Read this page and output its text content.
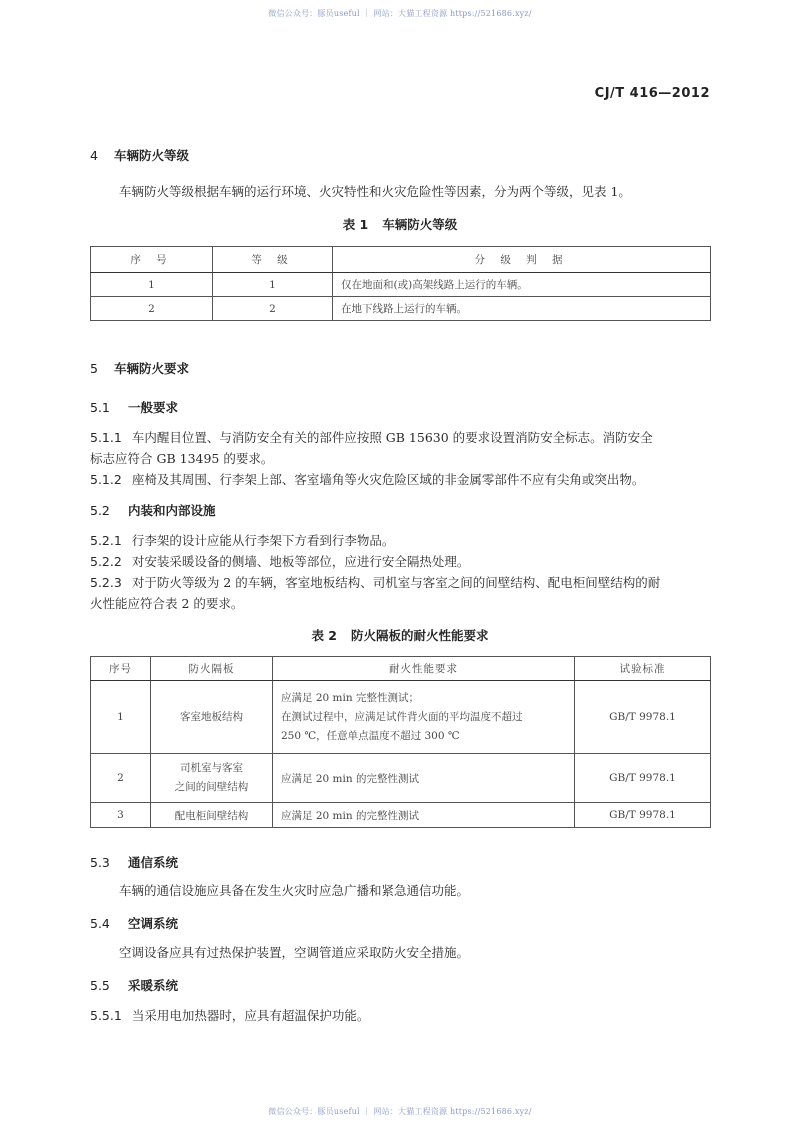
微信公众号：豚员useful ｜ 网站：大猫工程资源 https://521686.xyz/
CJ/T 416—2012
4 车辆防火等级
车辆防火等级根据车辆的运行环境、火灾特性和火灾危险性等因素，分为两个等级，见表 1。
表 1 车辆防火等级
序 号	等 级	分 级 判 据
1	1	仅在地面和(或)高架线路上运行的车辆。
2	2	在地下线路上运行的车辆。
5 车辆防火要求
5.1 一般要求
5.1.1 车内醒目位置、与消防安全有关的部件应按照 GB 15630 的要求设置消防安全标志。消防安全
标志应符合 GB 13495 的要求。
5.1.2 座椅及其周围、行李架上部、客室墙角等火灾危险区域的非金属零部件不应有尖角或突出物。
5.2 内装和内部设施
5.2.1 行李架的设计应能从行李架下方看到行李物品。
5.2.2 对安装采暖设备的侧墙、地板等部位，应进行安全隔热处理。
5.2.3 对于防火等级为 2 的车辆，客室地板结构、司机室与客室之间的间壁结构、配电柜间壁结构的耐
火性能应符合表 2 的要求。
表 2 防火隔板的耐火性能要求
序号	防火隔板	耐火性能要求	试验标准
1	客室地板结构	应满足 20 min 完整性测试；
在测试过程中，应满足试件背火面的平均温度不超过
250 ℃，任意单点温度不超过 300 ℃	GB/T 9978.1
2	司机室与客室
之间的间壁结构	应满足 20 min 的完整性测试	GB/T 9978.1
3	配电柜间壁结构	应满足 20 min 的完整性测试	GB/T 9978.1
5.3 通信系统
车辆的通信设施应具备在发生火灾时应急广播和紧急通信功能。
5.4 空调系统
空调设备应具有过热保护装置，空调管道应采取防火安全措施。
5.5 采暖系统
5.5.1 当采用电加热器时，应具有超温保护功能。
微信公众号：豚员useful ｜ 网站：大猫工程资源 https://521686.xyz/
